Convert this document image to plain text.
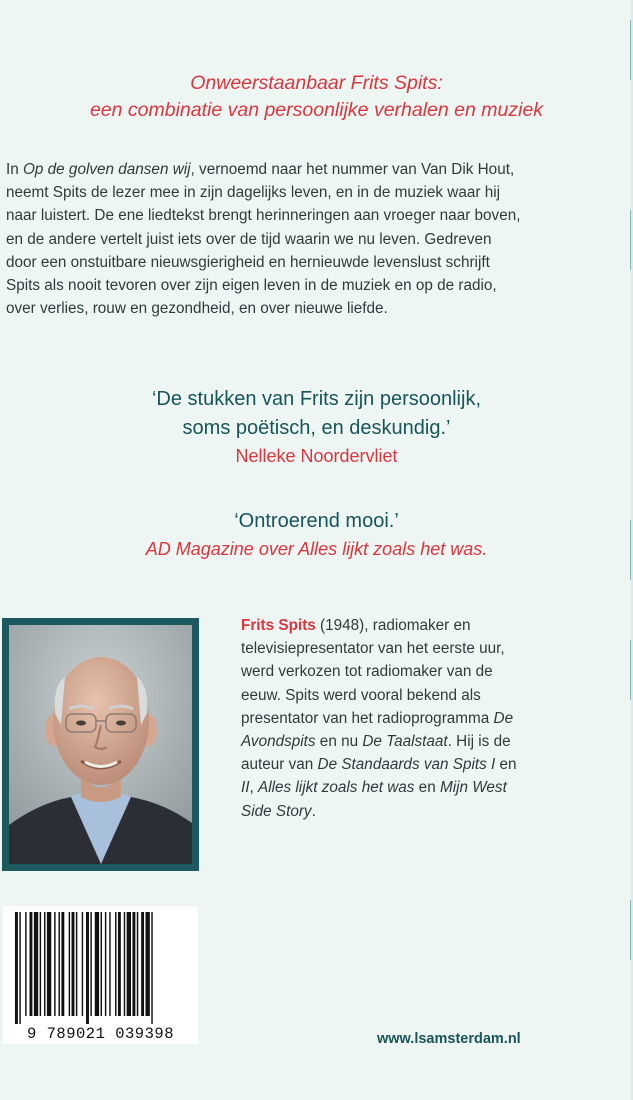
Onweerstaanbaar Frits Spits:
een combinatie van persoonlijke verhalen en muziek

In Op de golven dansen wij, vernoemd naar het nummer van Van Dik Hout, neemt Spits de lezer mee in zijn dagelijks leven, en in de muziek waar hij naar luistert. De ene liedtekst brengt herinneringen aan vroeger naar boven, en de andere vertelt juist iets over de tijd waarin we nu leven. Gedreven door een onstuitbare nieuwsgierigheid en hernieuwde levenslust schrijft Spits als nooit tevoren over zijn eigen leven in de muziek en op de radio, over verlies, rouw en gezondheid, en over nieuwe liefde.

‘De stukken van Frits zijn persoonlijk,
soms poëtisch, en deskundig.’
Nelleke Noordervliet
‘Ontroerend mooi.’
AD Magazine over Alles lijkt zoals het was.

Frits Spits (1948), radiomaker en televisiepresentator van het eerste uur, werd verkozen tot radiomaker van de eeuw. Spits werd vooral bekend als presentator van het radioprogramma De Avondspits en nu De Taalstaat. Hij is de auteur van De Standaards van Spits I en II, Alles lijkt zoals het was en Mijn West Side Story.

9 789021 039398	www.lsamsterdam.nl
